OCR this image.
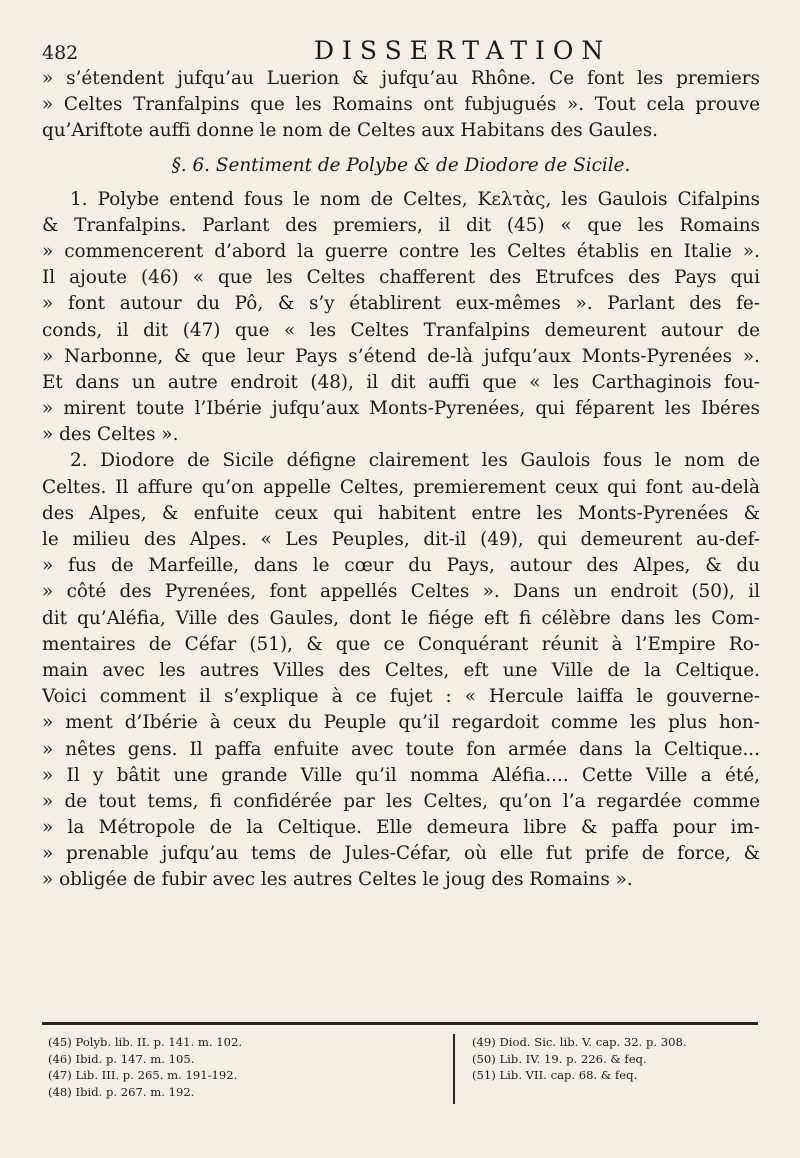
482	DISSERTATION
» s’étendent jufqu’au Luerion & jufqu’au Rhône. Ce font les premiers
» Celtes Tranfalpins que les Romains ont fubjugués ». Tout cela prouve
qu’Ariftote auffi donne le nom de Celtes aux Habitans des Gaules.
§. 6. Sentiment de Polybe & de Diodore de Sicile.
1. Polybe entend fous le nom de Celtes, Κελτὰς, les Gaulois Cifalpins
& Tranfalpins. Parlant des premiers, il dit (45) « que les Romains
» commencerent d’abord la guerre contre les Celtes établis en Italie ».
Il ajoute (46) « que les Celtes chafferent des Etrufces des Pays qui
» font autour du Pô, & s’y établirent eux-mêmes ». Parlant des fe-
conds, il dit (47) que « les Celtes Tranfalpins demeurent autour de
» Narbonne, & que leur Pays s’étend de-là jufqu’aux Monts-Pyrenées ».
Et dans un autre endroit (48), il dit auffi que « les Carthaginois fou-
» mirent toute l’Ibérie jufqu’aux Monts-Pyrenées, qui féparent les Ibéres
» des Celtes ».
2. Diodore de Sicile défigne clairement les Gaulois fous le nom de
Celtes. Il affure qu’on appelle Celtes, premierement ceux qui font au-delà
des Alpes, & enfuite ceux qui habitent entre les Monts-Pyrenées &
le milieu des Alpes. « Les Peuples, dit-il (49), qui demeurent au-def-
» fus de Marfeille, dans le cœur du Pays, autour des Alpes, & du
» côté des Pyrenées, font appellés Celtes ». Dans un endroit (50), il
dit qu’Aléfia, Ville des Gaules, dont le fiége eft fi célèbre dans les Com-
mentaires de Céfar (51), & que ce Conquérant réunit à l’Empire Ro-
main avec les autres Villes des Celtes, eft une Ville de la Celtique.
Voici comment il s’explique à ce fujet : « Hercule laiffa le gouverne-
» ment d’Ibérie à ceux du Peuple qu’il regardoit comme les plus hon-
» nêtes gens. Il paffa enfuite avec toute fon armée dans la Celtique...
» Il y bâtit une grande Ville qu’il nomma Aléfia.... Cette Ville a été,
» de tout tems, fi confidérée par les Celtes, qu’on l’a regardée comme
» la Métropole de la Celtique. Elle demeura libre & paffa pour im-
» prenable jufqu’au tems de Jules-Céfar, où elle fut prife de force, &
» obligée de fubir avec les autres Celtes le joug des Romains ».
(45) Polyb. lib. II. p. 141. m. 102.
(46) Ibid. p. 147. m. 105.
(47) Lib. III. p. 265. m. 191-192.
(48) Ibid. p. 267. m. 192.
(49) Diod. Sic. lib. V. cap. 32. p. 308.
(50) Lib. IV. 19. p. 226. & feq.
(51) Lib. VII. cap. 68. & feq.
